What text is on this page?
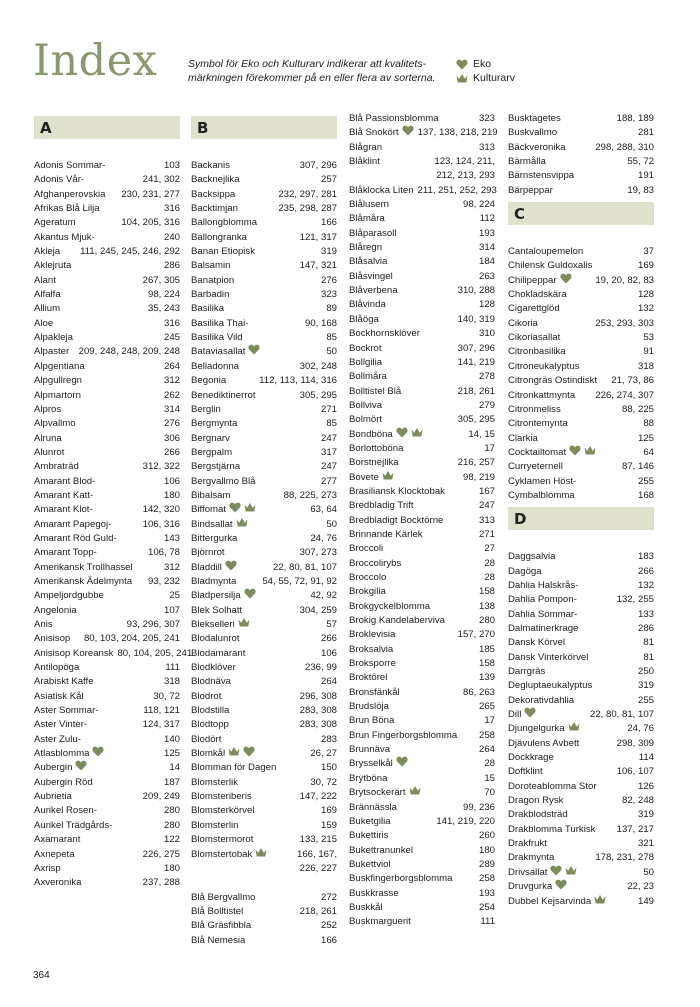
Index	Symbol för Eko och Kulturarv indikerar att kvalitets-märkningen förekommer på en eller flera av sorterna.
Eko
Kulturarv
A
Adonis Sommar-	103
Adonis Vår-	241, 302
Afghanperovskia	230, 231, 277
Afrikas Blå Lilja	316
Ageratum	104, 205, 316
Akantus Mjuk-	240
Akleja	111, 245, 245, 246, 292
Aklejruta	286
Alant	267, 305
Alfalfa	98, 224
Allium	35, 243
Aloe	316
Alpakleja	245
Alpaster 209, 248, 248, 209, 248
Alpgentiana	264
Alpgullregn	312
Alpmartorn	262
Alpros	314
Alpvallmo	276
Alruna	306
Alunrot	266
Ambraträd	312, 322
Amarant Blod-	106
Amarant Katt-	180
Amarant Klot-	142, 320
Amarant Papegoj-	106, 316
Amarant Röd Guld-	143
Amarant Topp-	106, 78
Amerikansk Trollhassel	312
Amerikansk Ädelmynta	93, 232
Ampeljordgubbe	25
Angelonia	107
Anis	93, 296, 307
Anisisop	80, 103, 204, 205, 241
Anisisop Koreansk 80, 104, 205, 241
Antilopöga	111
Arabiskt Kaffe	318
Asiatisk Kål	30, 72
Aster Sommar-	118, 121
Aster Vinter-	124, 317
Aster Zulu-	140
Atlasblomma	125
Aubergin	14
Aubergin Röd	187
Aubrietia	209, 249
Aurikel Rosen-	280
Aurikel Trädgårds-	280
Axamarant	122
Axnepeta	226, 275
Axrisp	180
Axveronika	237, 288
B
Backanis	307, 296
Backnejlika	257
Backsippa	232, 297, 281
Backtimjan	235, 298, 287
Ballongblomma	166
Ballongranka	121, 317
Banan Etiopisk	319
Balsamin	147, 321
Banatpion	276
Barbadin	323
Basilika	89
Basilika Thai-	90, 168
Basilika Vild	85
Bataviasallat	50
Belladonna	302, 248
Begonia	112, 113, 114, 316
Benediktinerrot	305, 295
Berglin	271
Bergmynta	85
Bergnarv	247
Bergpalm	317
Bergstjärna	247
Bergvallmo Blå	277
Bibalsam	88, 225, 273
Biffomat	63, 64
Bindsallat	50
Bittergurka	24, 76
Björnrot	307, 273
Bladdill	22, 80, 81, 107
Bladmynta	54, 55, 72, 91, 92
Bladpersilja	42, 92
Blek Solhatt	304, 259
Blekselleri	57
Blodalunrot	266
Blodamarant	106
Blodklöver	236, 99
Blodnäva	264
Blodrot	296, 308
Blodstilla	283, 308
Blodtopp	283, 308
Blodört	283
Blomkål	26, 27
Blomman för Dagen	150
Blomsterlik	30, 72
Blomsteriberis	147, 222
Blomsterkörvel	169
Blomsterlin	159
Blomstermorot	133, 215
Blomstertobak	166, 167,
226, 227
Blå Bergvallmo	272
Blå Bolltistel	218, 261
Blå Gräsfibbla	252
Blå Nemesia	166
Blå Passionsblomma	323
Blå Snokört	137, 138, 218, 219
Blågran	313
Blåklint	123, 124, 211,
212, 213, 293
Blåklocka Liten 211, 251, 252, 293
Blålusern	98, 224
Blåmåra	112
Blåparasoll	193
Blåregn	314
Blåsalvia	184
Blåsvingel	263
Blåverbena	310, 288
Blåvinda	128
Blåöga	140, 319
Bockhornsklöver	310
Bockrot	307, 296
Bollgilia	141, 219
Bollmåra	278
Bolltistel Blå	218, 261
Bollviva	279
Bolmört	305, 295
Bondböna	14, 15
Borlottoböna	17
Borstnejlika	216, 257
Bovete	98, 219
Brasiliansk Klocktobak	167
Bredbladig Trift	247
Bredbladigt Bocktörne	313
Brinnande Kärlek	271
Broccoli	27
Broccolirybs	28
Broccolo	28
Brokgilia	158
Brokgyckelblomma	138
Brokig Kandelaberviva	280
Broklevisia	157, 270
Broksalvia	185
Broksporre	158
Broktörel	139
Bronsfänkål	86, 263
Brudslöja	265
Brun Böna	17
Brun Fingerborgsblomma	258
Brunnäva	264
Brysselkål	28
Brytböna	15
Brytsockerärt	70
Brännässla	99, 236
Buketgilia	141, 219, 220
Bukettiris	260
Bukettranunkel	180
Bukettviol	289
Buskfingerborgsblomma	258
Buskkrasse	193
Buskkål	254
Buskmarguerit	111
Busktagetes	188, 189
Buskvallmo	281
Bäckveronika	298, 288, 310
Bärmålla	55, 72
Bärnstensvippa	191
Bärpeppar	19, 83
C
Cantaloupemelon	37
Chilensk Guldoxalis	169
Chilipeppar	19, 20, 82, 83
Chokladskära	128
Cigarettglöd	132
Cikoria	253, 293, 303
Cikoriasallat	53
Citronbasilika	91
Citroneukalyptus	318
Citrongräs Ostindiskt	21, 73, 86
Citronkattmynta	226, 274, 307
Citronmeliss	88, 225
Citrontemynta	88
Clarkia	125
Cocktailtomat	64
Curryeternell	87, 146
Cyklamen Höst-	255
Cymbalblomma	168
D
Daggsalvia	183
Dagöga	266
Dahlia Halskrås-	132
Dahlia Pompon-	132, 255
Dahlia Sommar-	133
Dalmatinerkrage	286
Dansk Körvel	81
Dansk Vinterkörvel	81
Darrgräs	250
Degluptaeukalyptus	319
Dekorativdahlia	255
Dill	22, 80, 81, 107
Djungelgurka	24, 76
Djävulens Avbett	298, 309
Dockkrage	114
Doftklint	106, 107
Doroteablomma Stor	126
Dragon Rysk	82, 248
Drakblodsträd	319
Drakblomma Turkisk	137, 217
Drakfrukt	321
Drakmynta	178, 231, 278
Drivsallat	50
Druvgurka	22, 23
Dubbel Kejsarvinda	149
364
